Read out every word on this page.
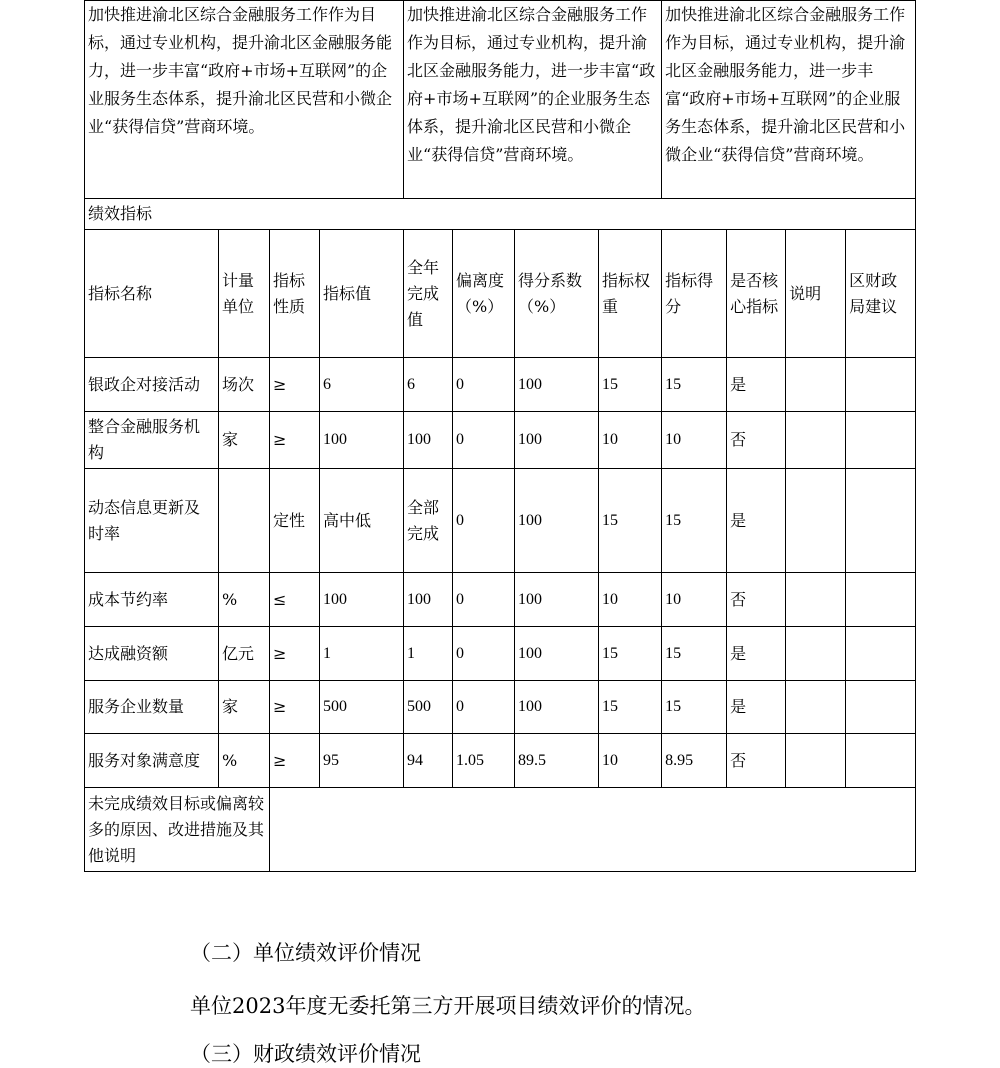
加快推进渝北区综合金融服务工作作为目标，通过专业机构，提升渝北区金融服务能力，进一步丰富“政府+市场+互联网”的企业服务生态体系，提升渝北区民营和小微企业“获得信贷”营商环境。				加快推进渝北区综合金融服务工作作为目标，通过专业机构，提升渝北区金融服务能力，进一步丰富“政府+市场+互联网”的企业服务生态体系，提升渝北区民营和小微企业“获得信贷”营商环境。				加快推进渝北区综合金融服务工作作为目标，通过专业机构，提升渝北区金融服务能力，进一步丰富“政府+市场+互联网”的企业服务生态体系，提升渝北区民营和小微企业“获得信贷”营商环境。			
绩效指标											
指标名称	计量单位	指标性质	指标值	全年完成值	偏离度（%）	得分系数（%）	指标权重	指标得分	是否核心指标	说明	区财政局建议
银政企对接活动	场次	≥	6	6	0	100	15	15	是		
整合金融服务机构	家	≥	100	100	0	100	10	10	否		
动态信息更新及时率		定性	高中低	全部完成	0	100	15	15	是		
成本节约率	%	≤	100	100	0	100	10	10	否		
达成融资额	亿元	≥	1	1	0	100	15	15	是		
服务企业数量	家	≥	500	500	0	100	15	15	是		
服务对象满意度	%	≥	95	94	1.05	89.5	10	8.95	否		
未完成绩效目标或偏离较多的原因、改进措施及其他说明											
（二）单位绩效评价情况
单位2023年度无委托第三方开展项目绩效评价的情况。
（三）财政绩效评价情况
